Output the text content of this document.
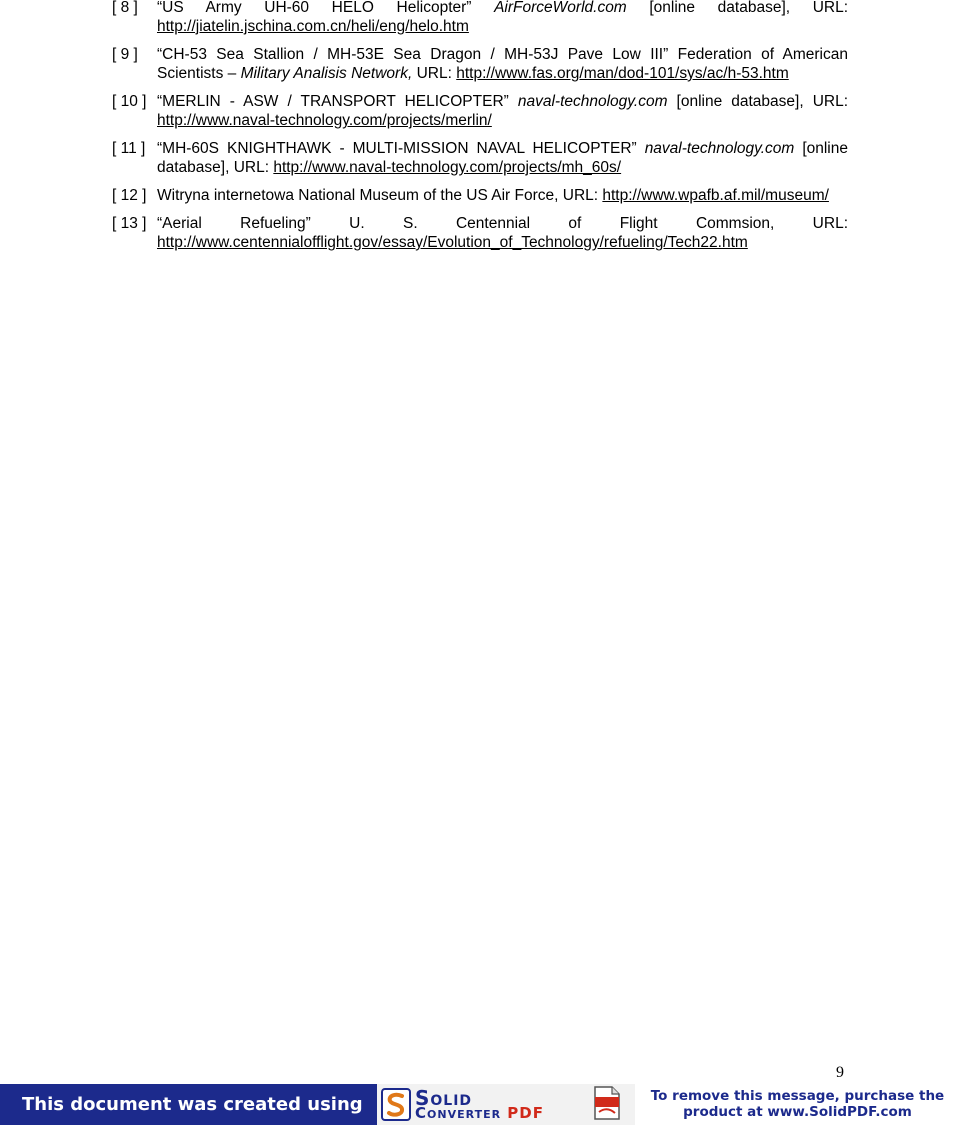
[ 8 ]	“US Army UH-60 HELO Helicopter” AirForceWorld.com [online database], URL:
http://jiatelin.jschina.com.cn/heli/eng/helo.htm
[ 9 ]	“CH-53 Sea Stallion / MH-53E Sea Dragon / MH-53J Pave Low III” Federation of American
Scientists – Military Analisis Network, URL: http://www.fas.org/man/dod-101/sys/ac/h-53.htm
[ 10 ] “MERLIN - ASW / TRANSPORT HELICOPTER” naval-technology.com [online database], URL:
http://www.naval-technology.com/projects/merlin/
[ 11 ] “MH-60S KNIGHTHAWK - MULTI-MISSION NAVAL HELICOPTER” naval-technology.com [online
database], URL: http://www.naval-technology.com/projects/mh_60s/
[ 12 ] Witryna internetowa National Museum of the US Air Force, URL: http://www.wpafb.af.mil/museum/
[ 13 ] “Aerial Refueling” U. S. Centennial of Flight Commsion, URL:
http://www.centennialofflight.gov/essay/Evolution_of_Technology/refueling/Tech22.htm
9
This document was created using	Solid
Converter PDF
To remove this message, purchase the
product at www.SolidPDF.com
